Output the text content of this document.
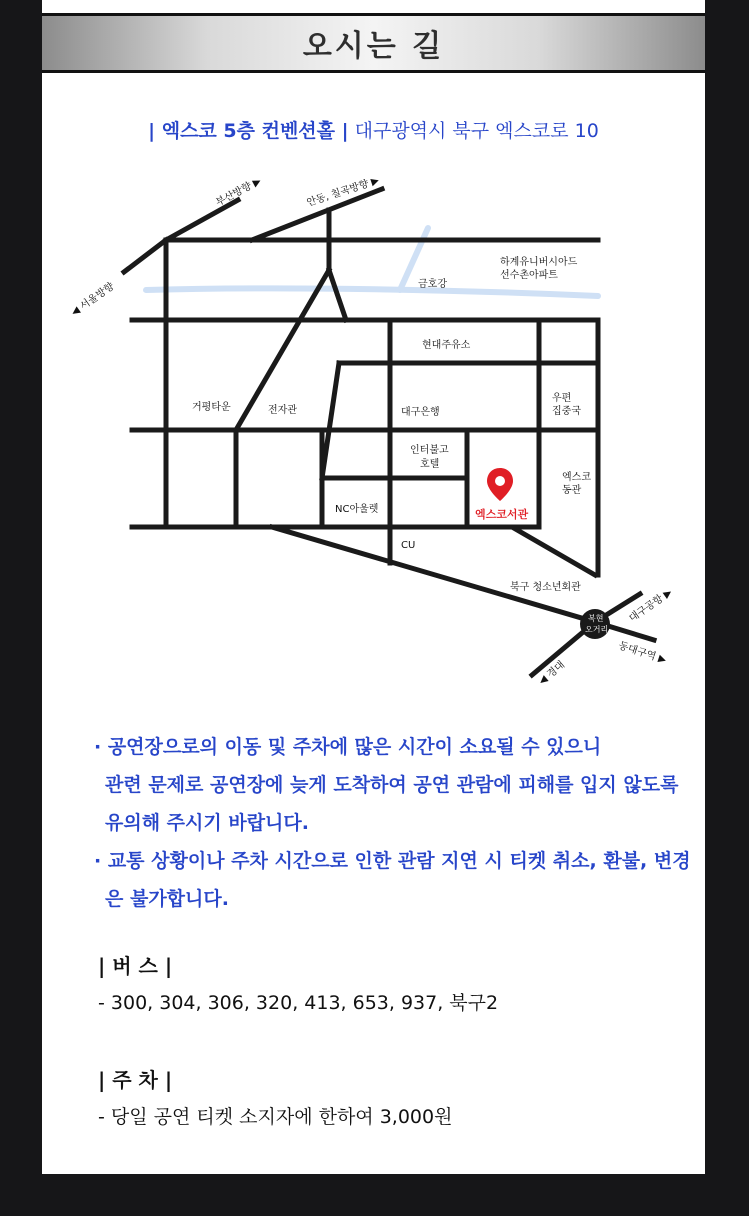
오시는 길
| 엑스코 5층 컨벤션홀 | 대구광역시 북구 엑스코로 10
부산방향 ▶	안동, 칠곡방향 ▶
◀ 서울방향
대구공항 ▶
동대구역 ▶
◀ 경대
금호강
하계유니버시아드
선수촌아파트
현대주유소
거평타운	전자관	대구은행
우편
집중국
인터불고
호텔
엑스코
동관
NC아울렛	엑스코서관
CU
북구 청소년회관
복현
오거리

· 공연장으로의 이동 및 주차에 많은 시간이 소요될 수 있으니

관련 문제로 공연장에 늦게 도착하여 공연 관람에 피해를 입지 않도록

유의해 주시기 바랍니다.

· 교통 상황이나 주차 시간으로 인한 관람 지연 시 티켓 취소, 환불, 변경

은 불가합니다.

| 버 스 |
- 300, 304, 306, 320, 413, 653, 937, 북구2
| 주 차 |
- 당일 공연 티켓 소지자에 한하여 3,000원
